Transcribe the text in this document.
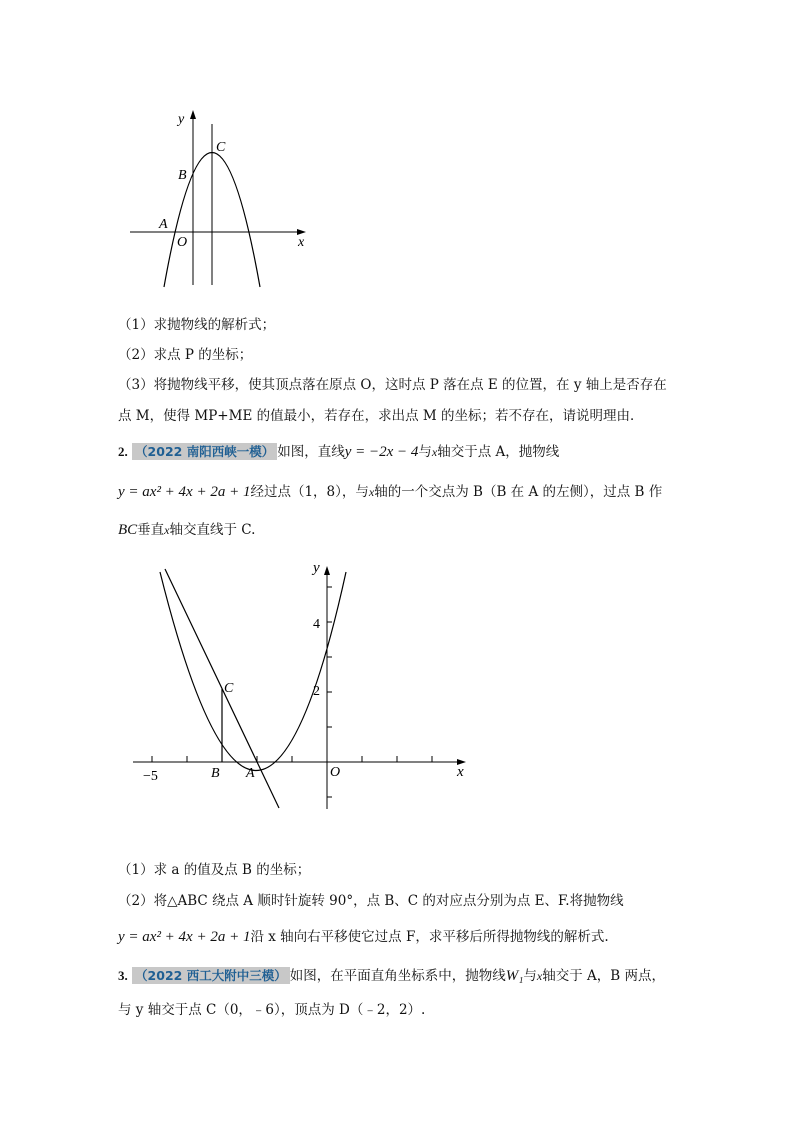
y
x
C
B
A
O
（1）求抛物线的解析式；
（2）求点 P 的坐标；
（3）将抛物线平移，使其顶点落在原点 O，这时点 P 落在点 E 的位置，在 y 轴上是否存在
点 M，使得 MP+ME 的值最小，若存在，求出点 M 的坐标；若不存在，请说明理由．
2. （2022 南阳西峡一模） 如图，直线y = −2x − 4与x轴交于点 A，抛物线
y = ax² + 4x + 2a + 1经过点（1，8），与x轴的一个交点为 B（B 在 A 的左侧），过点 B 作
BC垂直x轴交直线于 C.
y
x
O
A
B
C
−5
2
4
（1）求 a 的值及点 B 的坐标；
（2）将△ABC 绕点 A 顺时针旋转 90°，点 B、C 的对应点分别为点 E、F.将抛物线
y = ax² + 4x + 2a + 1沿 x 轴向右平移使它过点 F，求平移后所得抛物线的解析式.
3. （2022 西工大附中三模） 如图，在平面直角坐标系中，抛物线W₁与x轴交于 A，B 两点，
与 y 轴交于点 C（0，﹣6），顶点为 D（﹣2，2）.
